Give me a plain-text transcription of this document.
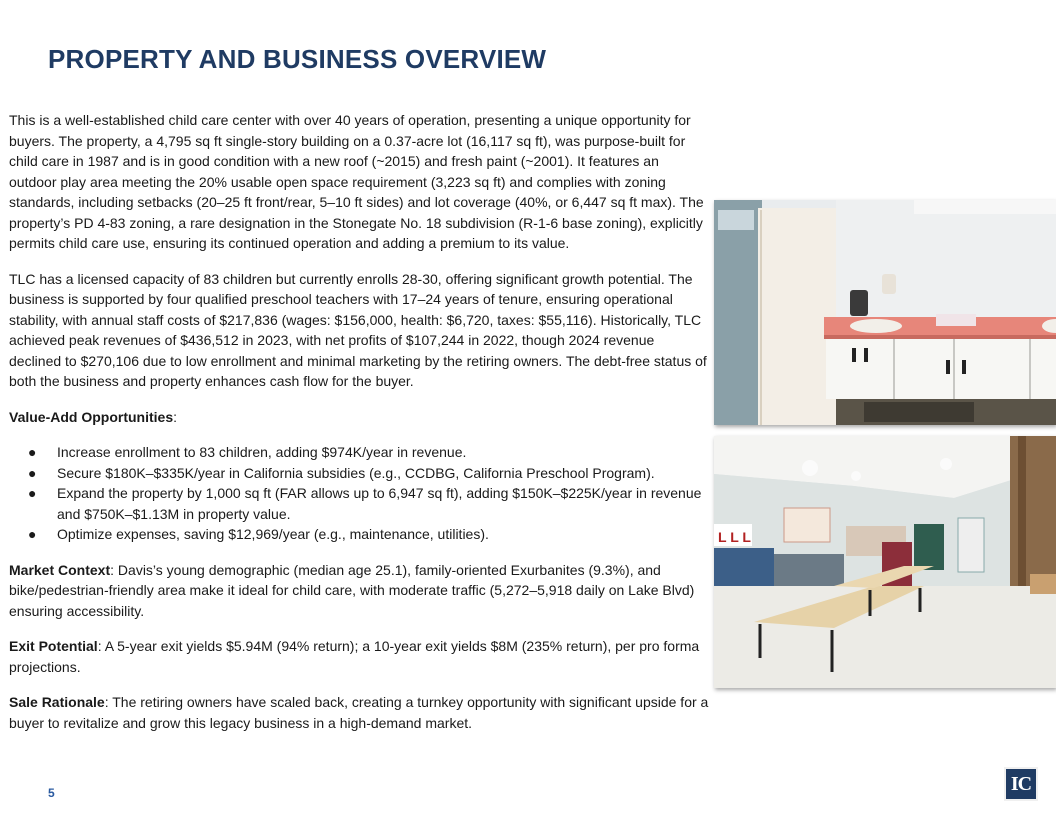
PROPERTY AND BUSINESS OVERVIEW

This is a well-established child care center with over 40 years of operation, presenting a unique opportunity for buyers. The property, a 4,795 sq ft single-story building on a 0.37-acre lot (16,117 sq ft), was purpose-built for child care in 1987 and is in good condition with a new roof (~2015) and fresh paint (~2001). It features an outdoor play area meeting the 20% usable open space requirement (3,223 sq ft) and complies with zoning standards, including setbacks (20–25 ft front/rear, 5–10 ft sides) and lot coverage (40%, or 6,447 sq ft max). The property’s PD 4-83 zoning, a rare designation in the Stonegate No. 18 subdivision (R-1-6 base zoning), explicitly permits child care use, ensuring its continued operation and adding a premium to its value.

TLC has a licensed capacity of 83 children but currently enrolls 28-30, offering significant growth potential. The business is supported by four qualified preschool teachers with 17–24 years of tenure, ensuring operational stability, with annual staff costs of $217,836 (wages: $156,000, health: $6,720, taxes: $55,116). Historically, TLC achieved peak revenues of $436,512 in 2023, with net profits of $107,244 in 2022, though 2024 revenue declined to $270,106 due to low enrollment and minimal marketing by the retiring owners. The debt-free status of both the business and property enhances cash flow for the buyer.

Value-Add Opportunities:

● Increase enrollment to 83 children, adding $974K/year in revenue.
● Secure $180K–$335K/year in California subsidies (e.g., CCDBG, California Preschool Program).
● Expand the property by 1,000 sq ft (FAR allows up to 6,947 sq ft), adding $150K–$225K/year in revenue and $750K–$1.13M in property value.
● Optimize expenses, saving $12,969/year (e.g., maintenance, utilities).

Market Context: Davis’s young demographic (median age 25.1), family-oriented Exurbanites (9.3%), and bike/pedestrian-friendly area make it ideal for child care, with moderate traffic (5,272–5,918 daily on Lake Blvd) ensuring accessibility.

Exit Potential: A 5-year exit yields $5.94M (94% return); a 10-year exit yields $8M (235% return), per pro forma projections.

Sale Rationale: The retiring owners have scaled back, creating a turnkey opportunity with significant upside for a buyer to revitalize and grow this legacy business in a high-demand market.

L L L
5	IC
